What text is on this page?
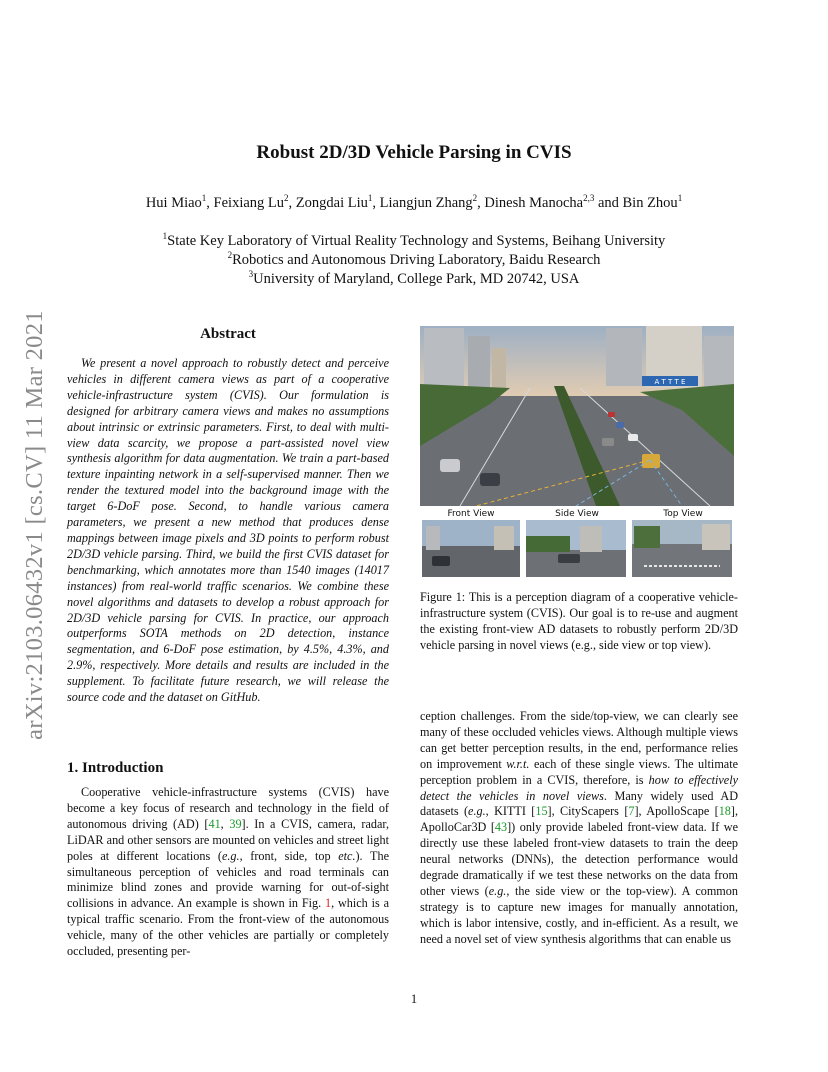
arXiv:2103.06432v1 [cs.CV] 11 Mar 2021
Robust 2D/3D Vehicle Parsing in CVIS
Hui Miao$^1$, Feixiang Lu$^2$, Zongdai Liu$^1$, Liangjun Zhang$^2$, Dinesh Manocha$^{2,3}$ and Bin Zhou$^1$
$^1$State Key Laboratory of Virtual Reality Technology and Systems, Beihang University
$^2$Robotics and Autonomous Driving Laboratory, Baidu Research
$^3$University of Maryland, College Park, MD 20742, USA
Abstract
We present a novel approach to robustly detect and perceive vehicles in different camera views as part of a cooperative vehicle-infrastructure system (CVIS). Our formulation is designed for arbitrary camera views and makes no assumptions about intrinsic or extrinsic parameters. First, to deal with multi-view data scarcity, we propose a part-assisted novel view synthesis algorithm for data augmentation. We train a part-based texture inpainting network in a self-supervised manner. Then we render the textured model into the background image with the target 6-DoF pose. Second, to handle various camera parameters, we present a new method that produces dense mappings between image pixels and 3D points to perform robust 2D/3D vehicle parsing. Third, we build the first CVIS dataset for benchmarking, which annotates more than 1540 images (14017 instances) from real-world traffic scenarios. We combine these novel algorithms and datasets to develop a robust approach for 2D/3D vehicle parsing for CVIS. In practice, our approach outperforms SOTA methods on 2D detection, instance segmentation, and 6-DoF pose estimation, by 4.5%, 4.3%, and 2.9%, respectively. More details and results are included in the supplement. To facilitate future research, we will release the source code and the dataset on GitHub.
1. Introduction
Cooperative vehicle-infrastructure systems (CVIS) have become a key focus of research and technology in the field of autonomous driving (AD) [41, 39]. In a CVIS, camera, radar, LiDAR and other sensors are mounted on vehicles and street light poles at different locations (e.g., front, side, top etc.). The simultaneous perception of vehicles and road terminals can minimize blind zones and provide warning for out-of-sight collisions in advance. An example is shown in Fig. 1, which is a typical traffic scenario. From the front-view of the autonomous vehicle, many of the other vehicles are partially or completely occluded, presenting per-
A T T T E
Front View	Side View	Top View
Figure 1: This is a perception diagram of a cooperative vehicle-infrastructure system (CVIS). Our goal is to re-use and augment the existing front-view AD datasets to robustly perform 2D/3D vehicle parsing in novel views (e.g., side view or top view).
ception challenges. From the side/top-view, we can clearly see many of these occluded vehicles views. Although multiple views can get better perception results, in the end, performance relies on improvement w.r.t. each of these single views. The ultimate perception problem in a CVIS, therefore, is how to effectively detect the vehicles in novel views. Many widely used AD datasets (e.g., KITTI [15], CityScapers [7], ApolloScape [18], ApolloCar3D [43]) only provide labeled front-view data. If we directly use these labeled front-view datasets to train the deep neural networks (DNNs), the detection performance would degrade dramatically if we test these networks on the data from other views (e.g., the side view or the top-view). A common strategy is to capture new images for manually annotation, which is labor intensive, costly, and in-efficient. As a result, we need a novel set of view synthesis algorithms that can enable us
1
